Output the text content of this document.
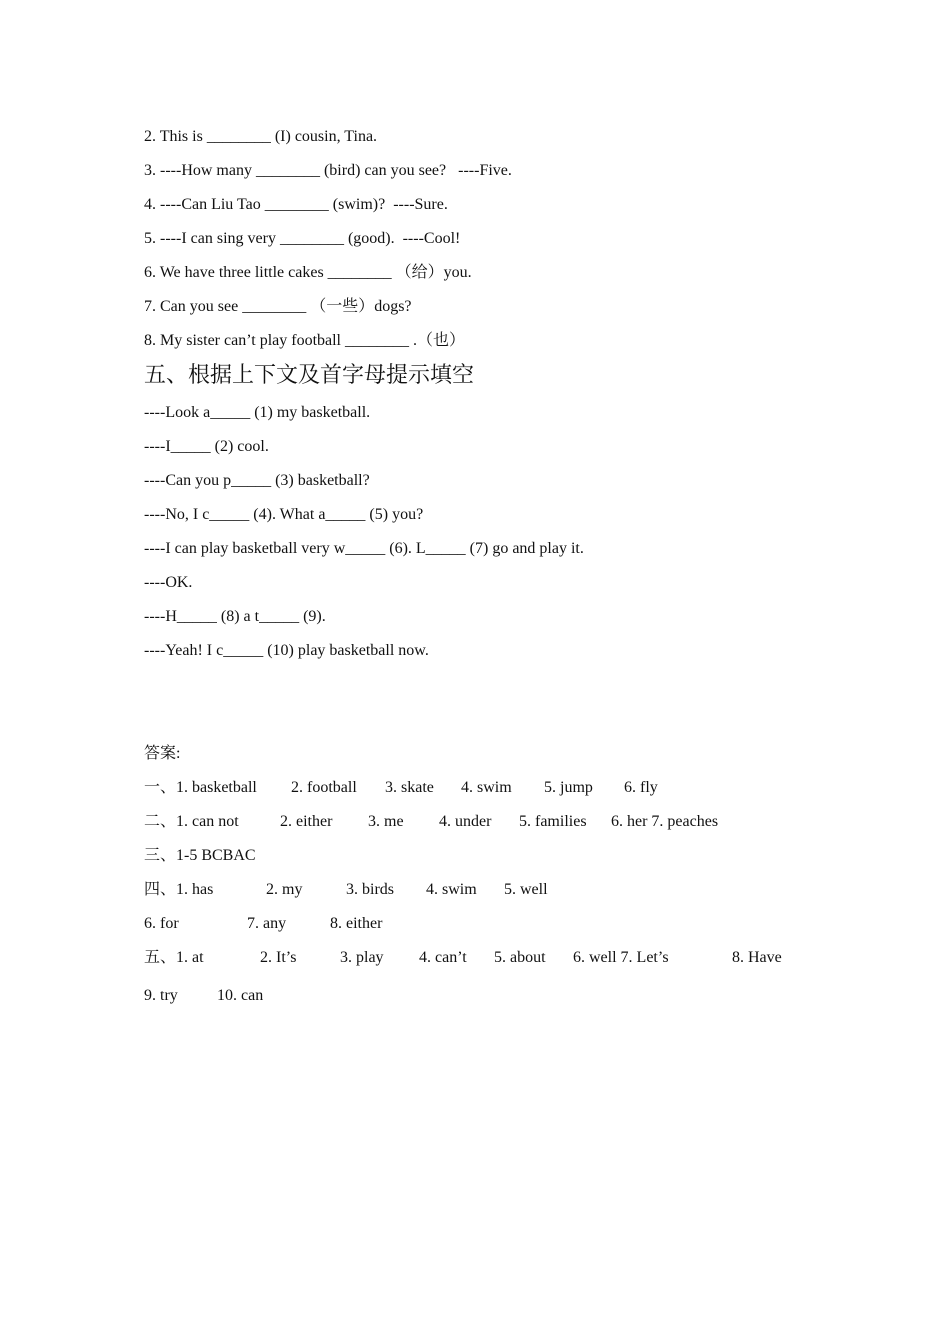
2. This is ________ (I) cousin, Tina.
3. ----How many ________ (bird) can you see?   ----Five.
4. ----Can Liu Tao ________ (swim)?  ----Sure.
5. ----I can sing very ________ (good).  ----Cool!
6. We have three little cakes ________ （给）you.
7. Can you see ________ （一些）dogs?
8. My sister can’t play football ________ .（也）
五、根据上下文及首字母提示填空
----Look a_____ (1) my basketball.
----I_____ (2) cool.
----Can you p_____ (3) basketball?
----No, I c_____ (4). What a_____ (5) you?
----I can play basketball very w_____ (6). L_____ (7) go and play it.
----OK.
----H_____ (8) a t_____ (9).
----Yeah! I c_____ (10) play basketball now.
答案:
一、1. basketball 2. football 3. skate 4. swim 5. jump 6. fly
二、1. can not	2. either 3. me 4. under 5. families 6. her 7. peaches
三、1-5 BCBAC
四、1. has	2. my	3. birds 4. swim 5. well
6. for	7. any	8. either
五、1. at	2. It’s	3. play 4. can’t 5. about 6. well 7. Let’s	8. Have
9. try 10. can
